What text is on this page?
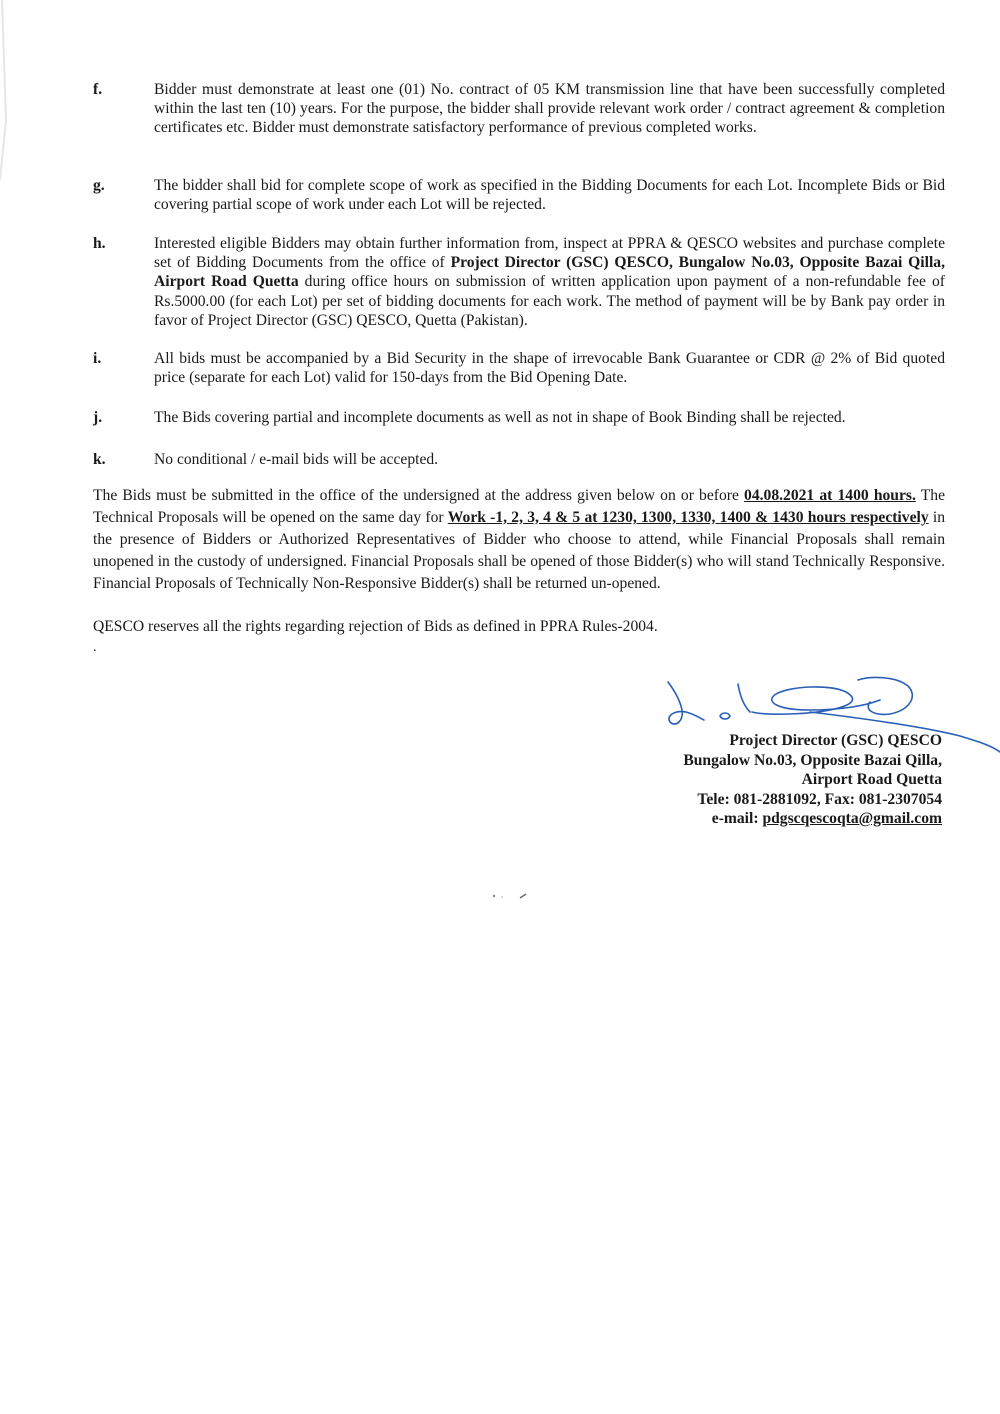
f.	Bidder must demonstrate at least one (01) No. contract of 05 KM transmission line that have been successfully completed within the last ten (10) years. For the purpose, the bidder shall provide relevant work order / contract agreement & completion certificates etc. Bidder must demonstrate satisfactory performance of previous completed works.
g.	The bidder shall bid for complete scope of work as specified in the Bidding Documents for each Lot. Incomplete Bids or Bid covering partial scope of work under each Lot will be rejected.
h.	Interested eligible Bidders may obtain further information from, inspect at PPRA & QESCO websites and purchase complete set of Bidding Documents from the office of Project Director (GSC) QESCO, Bungalow No.03, Opposite Bazai Qilla, Airport Road Quetta during office hours on submission of written application upon payment of a non-refundable fee of Rs.5000.00 (for each Lot) per set of bidding documents for each work. The method of payment will be by Bank pay order in favor of Project Director (GSC) QESCO, Quetta (Pakistan).
i.	All bids must be accompanied by a Bid Security in the shape of irrevocable Bank Guarantee or CDR @ 2% of Bid quoted price (separate for each Lot) valid for 150-days from the Bid Opening Date.
j.	The Bids covering partial and incomplete documents as well as not in shape of Book Binding shall be rejected.
k.	No conditional / e-mail bids will be accepted.
The Bids must be submitted in the office of the undersigned at the address given below on or before 04.08.2021 at 1400 hours. The Technical Proposals will be opened on the same day for Work -1, 2, 3, 4 & 5 at 1230, 1300, 1330, 1400 & 1430 hours respectively in the presence of Bidders or Authorized Representatives of Bidder who choose to attend, while Financial Proposals shall remain unopened in the custody of undersigned. Financial Proposals shall be opened of those Bidder(s) who will stand Technically Responsive. Financial Proposals of Technically Non-Responsive Bidder(s) shall be returned un-opened.
QESCO reserves all the rights regarding rejection of Bids as defined in PPRA Rules-2004.
.
Project Director (GSC) QESCO
Bungalow No.03, Opposite Bazai Qilla,
Airport Road Quetta
Tele: 081-2881092, Fax: 081-2307054
e-mail: pdgscqescoqta@gmail.com
